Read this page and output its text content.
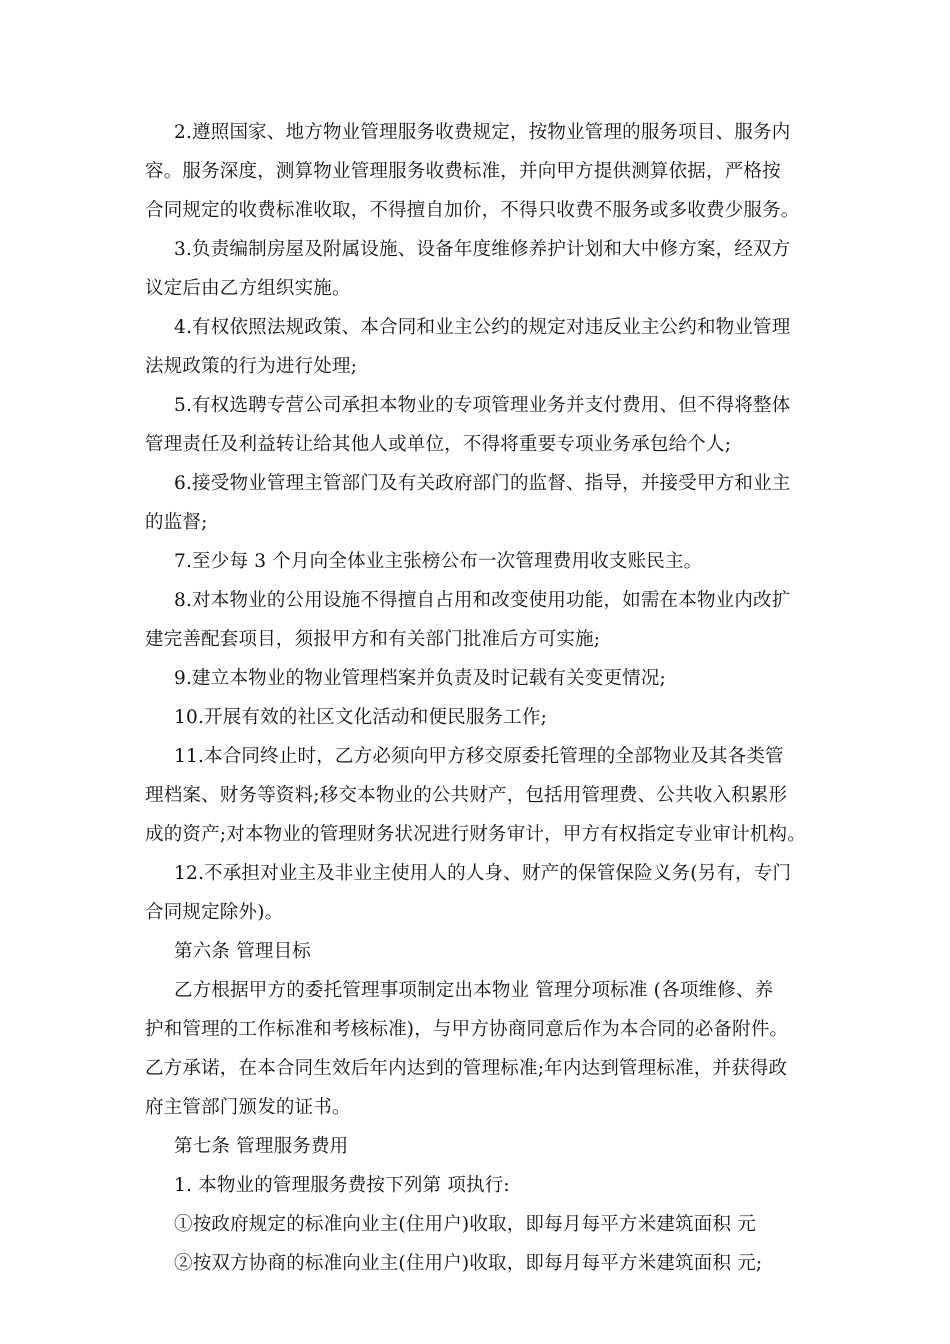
2.遵照国家、地方物业管理服务收费规定，按物业管理的服务项目、服务内
容。服务深度，测算物业管理服务收费标准，并向甲方提供测算依据，严格按
合同规定的收费标准收取，不得擅自加价，不得只收费不服务或多收费少服务。
3.负责编制房屋及附属设施、设备年度维修养护计划和大中修方案，经双方
议定后由乙方组织实施。
4.有权依照法规政策、本合同和业主公约的规定对违反业主公约和物业管理
法规政策的行为进行处理;
5.有权选聘专营公司承担本物业的专项管理业务并支付费用、但不得将整体
管理责任及利益转让给其他人或单位，不得将重要专项业务承包给个人;
6.接受物业管理主管部门及有关政府部门的监督、指导，并接受甲方和业主
的监督;
7.至少每 3 个月向全体业主张榜公布一次管理费用收支账民主。
8.对本物业的公用设施不得擅自占用和改变使用功能，如需在本物业内改扩
建完善配套项目，须报甲方和有关部门批准后方可实施;
9.建立本物业的物业管理档案并负责及时记载有关变更情况;
10.开展有效的社区文化活动和便民服务工作;
11.本合同终止时，乙方必须向甲方移交原委托管理的全部物业及其各类管
理档案、财务等资料;移交本物业的公共财产，包括用管理费、公共收入积累形
成的资产;对本物业的管理财务状况进行财务审计，甲方有权指定专业审计机构。
12.不承担对业主及非业主使用人的人身、财产的保管保险义务(另有，专门
合同规定除外)。
第六条 管理目标
乙方根据甲方的委托管理事项制定出本物业 管理分项标准 (各项维修、养
护和管理的工作标准和考核标准)，与甲方协商同意后作为本合同的必备附件。
乙方承诺，在本合同生效后年内达到的管理标准;年内达到管理标准，并获得政
府主管部门颁发的证书。
第七条 管理服务费用
1. 本物业的管理服务费按下列第 项执行:
①按政府规定的标准向业主(住用户)收取，即每月每平方米建筑面积 元
②按双方协商的标准向业主(住用户)收取，即每月每平方米建筑面积 元;
